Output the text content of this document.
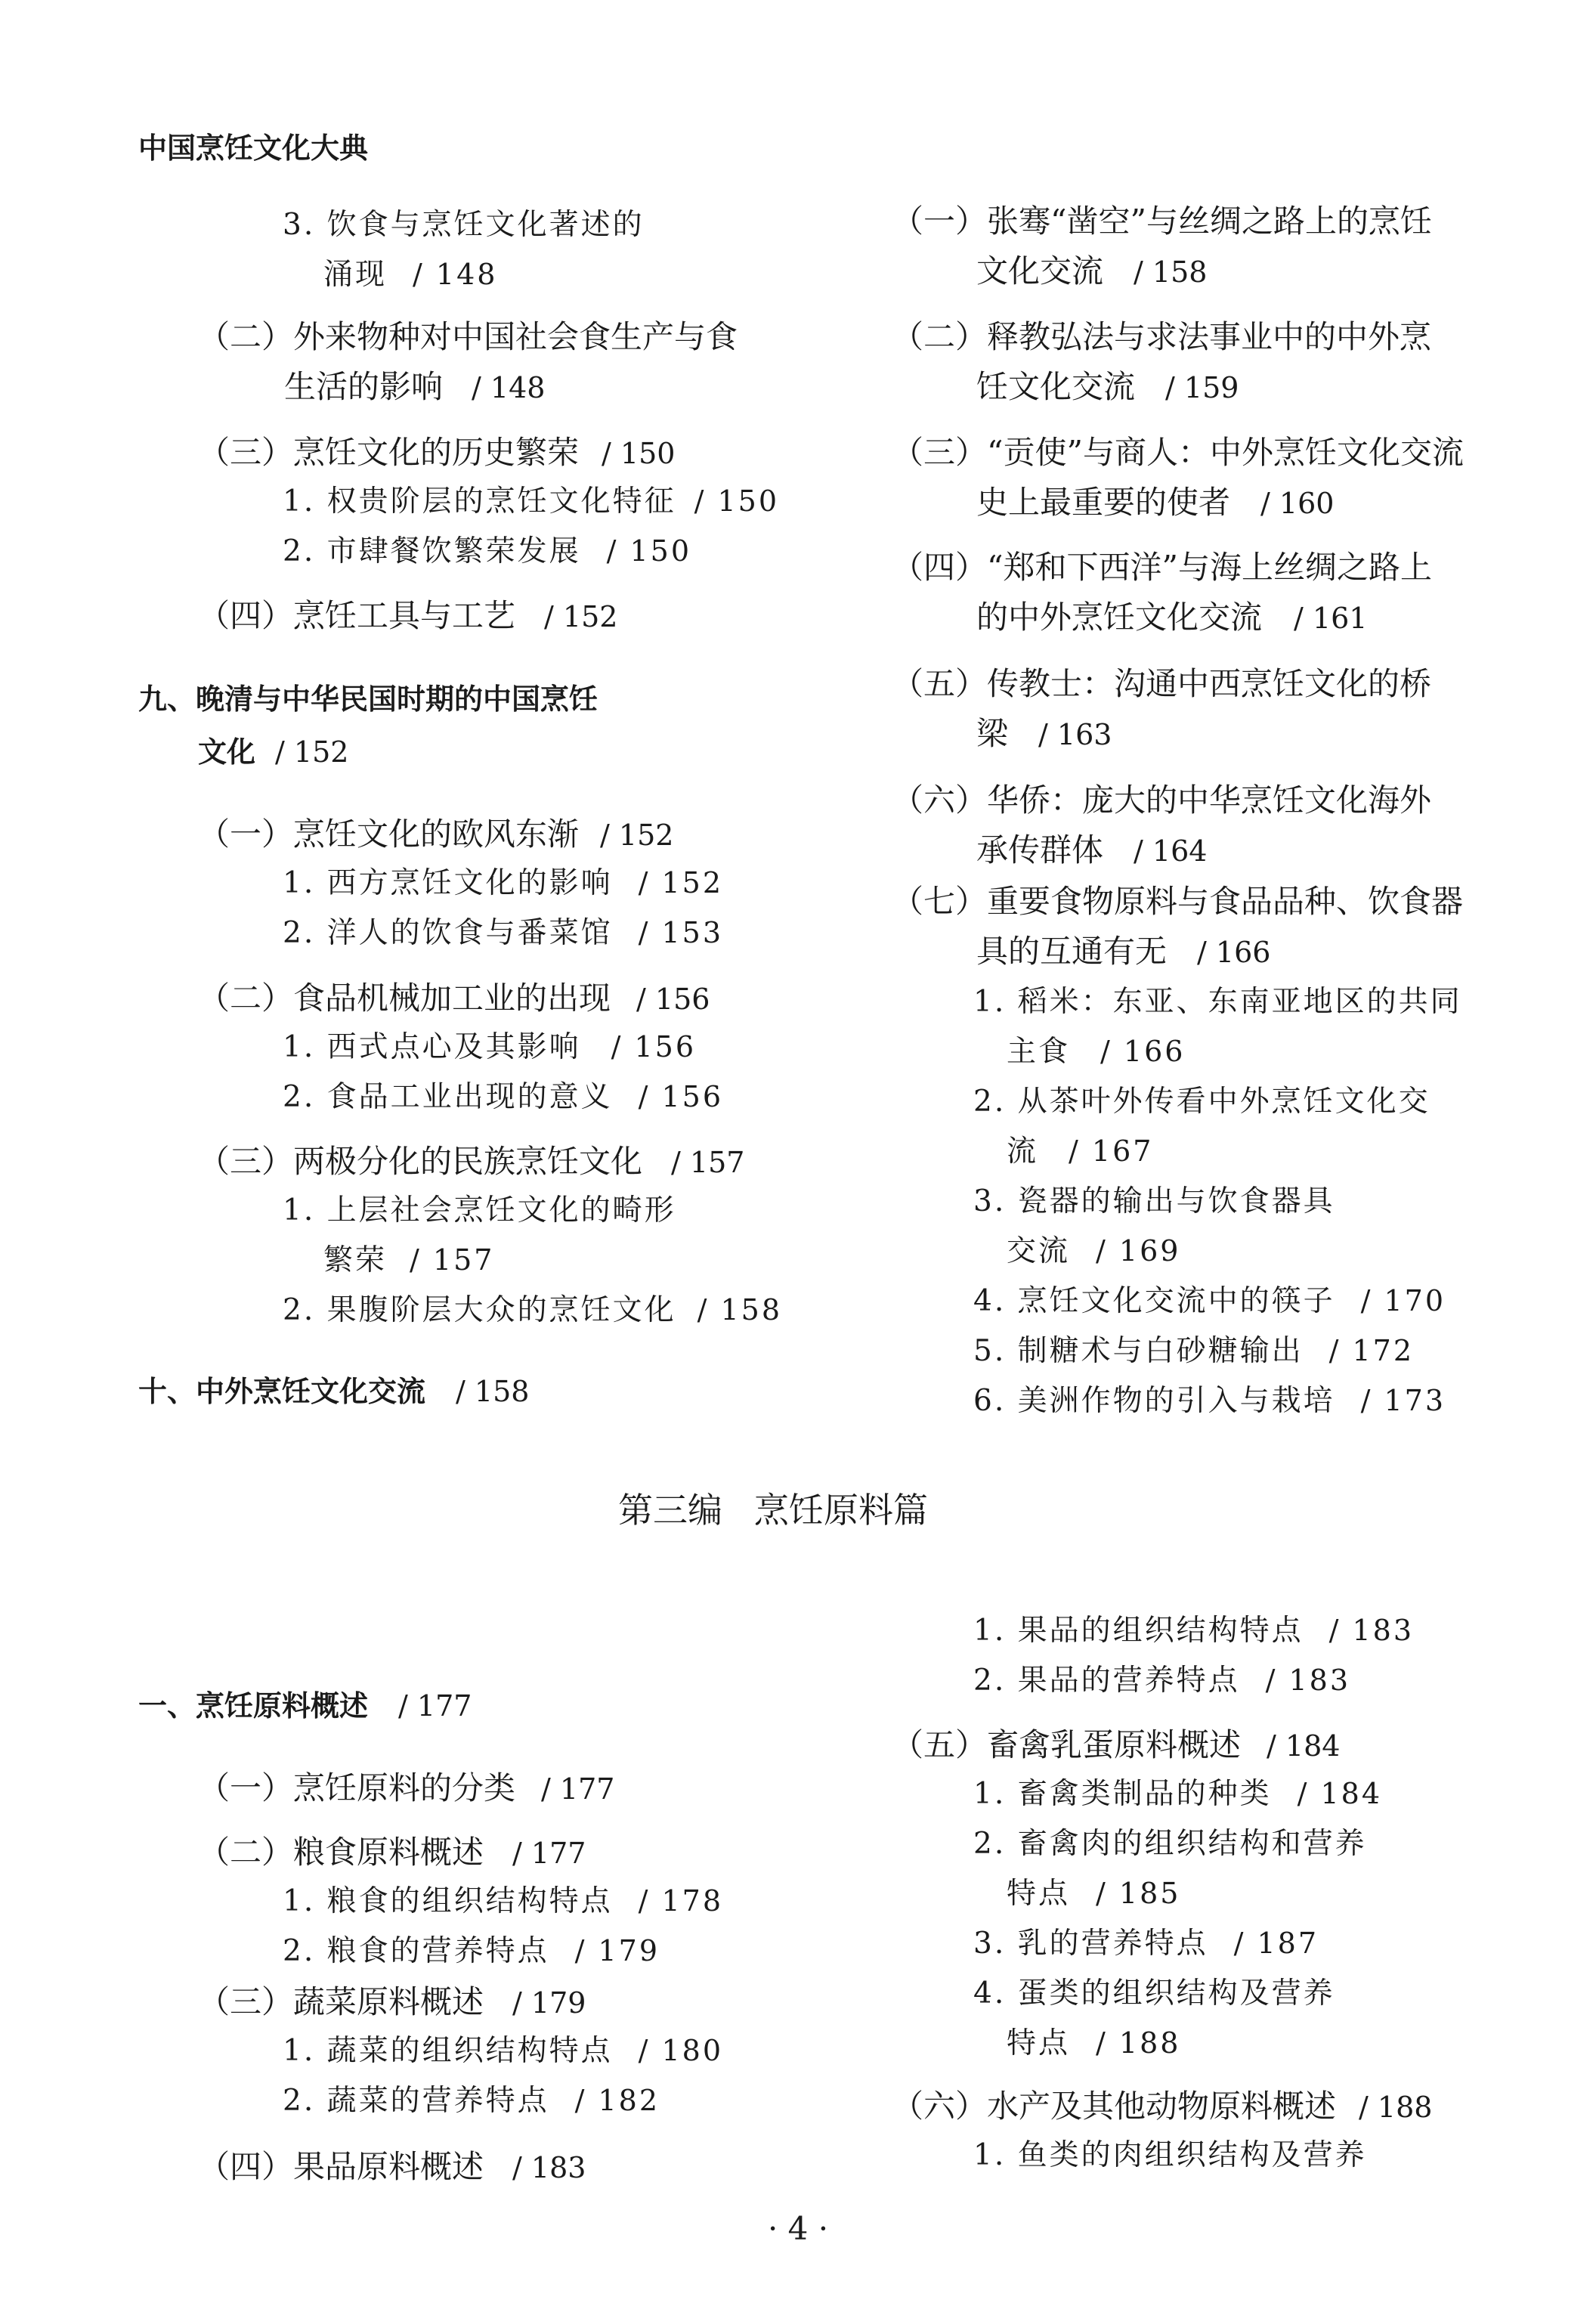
中国烹饪文化大典
3. 饮食与烹饪文化著述的
涌现 / 148
（二）外来物种对中国社会食生产与食
生活的影响 / 148
（三）烹饪文化的历史繁荣 / 150
1. 权贵阶层的烹饪文化特征 / 150
2. 市肆餐饮繁荣发展 / 150
（四）烹饪工具与工艺 / 152
九、晚清与中华民国时期的中国烹饪
文化 / 152
（一）烹饪文化的欧风东渐 / 152
1. 西方烹饪文化的影响 / 152
2. 洋人的饮食与番菜馆 / 153
（二）食品机械加工业的出现 / 156
1. 西式点心及其影响 / 156
2. 食品工业出现的意义 / 156
（三）两极分化的民族烹饪文化 / 157
1. 上层社会烹饪文化的畸形
繁荣 / 157
2. 果腹阶层大众的烹饪文化 / 158
十、中外烹饪文化交流 / 158
（一）张骞“凿空”与丝绸之路上的烹饪
文化交流 / 158
（二）释教弘法与求法事业中的中外烹
饪文化交流 / 159
（三）“贡使”与商人：中外烹饪文化交流
史上最重要的使者 / 160
（四）“郑和下西洋”与海上丝绸之路上
的中外烹饪文化交流 / 161
（五）传教士：沟通中西烹饪文化的桥
梁 / 163
（六）华侨：庞大的中华烹饪文化海外
承传群体 / 164
（七）重要食物原料与食品品种、饮食器
具的互通有无 / 166
1. 稻米：东亚、东南亚地区的共同
主食 / 166
2. 从茶叶外传看中外烹饪文化交
流 / 167
3. 瓷器的输出与饮食器具
交流 / 169
4. 烹饪文化交流中的筷子 / 170
5. 制糖术与白砂糖输出 / 172
6. 美洲作物的引入与栽培 / 173
第三编 烹饪原料篇
一、烹饪原料概述 / 177
（一）烹饪原料的分类 / 177
（二）粮食原料概述 / 177
1. 粮食的组织结构特点 / 178
2. 粮食的营养特点 / 179
（三）蔬菜原料概述 / 179
1. 蔬菜的组织结构特点 / 180
2. 蔬菜的营养特点 / 182
（四）果品原料概述 / 183
1. 果品的组织结构特点 / 183
2. 果品的营养特点 / 183
（五）畜禽乳蛋原料概述 / 184
1. 畜禽类制品的种类 / 184
2. 畜禽肉的组织结构和营养
特点 / 185
3. 乳的营养特点 / 187
4. 蛋类的组织结构及营养
特点 / 188
（六）水产及其他动物原料概述 / 188
1. 鱼类的肉组织结构及营养
· 4 ·
